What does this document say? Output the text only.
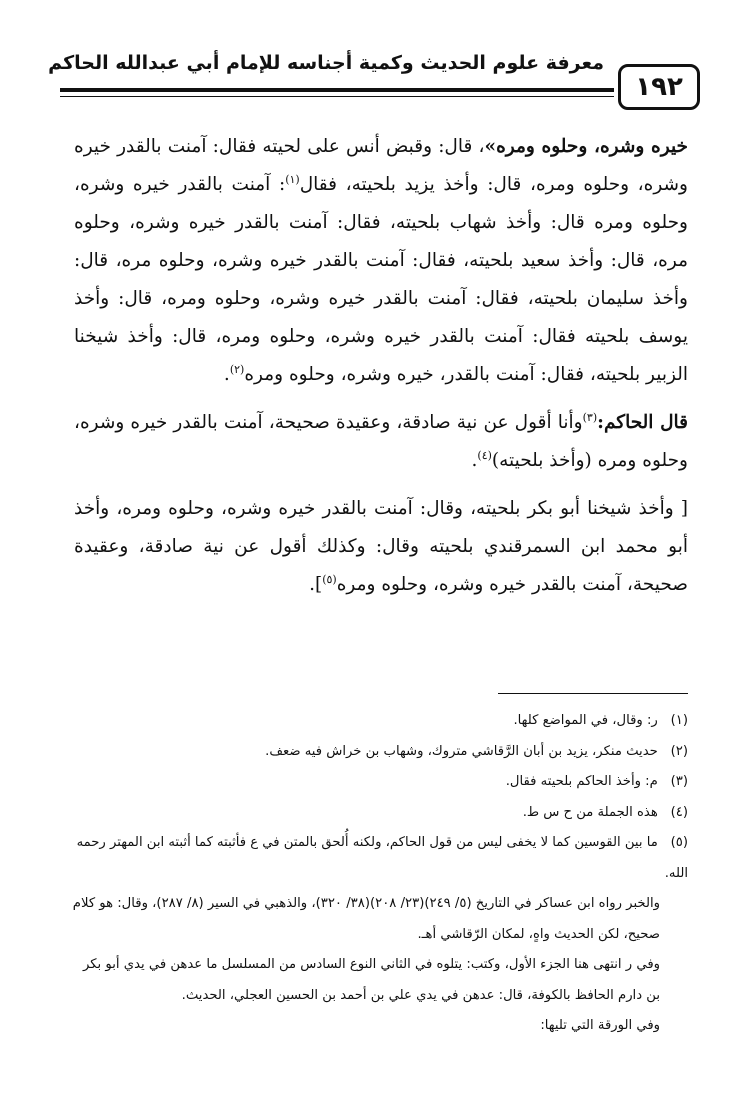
معرفة علوم الحديث وكمية أجناسه للإمام أبي عبدالله الحاكم
١٩٢

خيره وشره، وحلوه ومره»، قال: وقبض أنس على لحيته فقال: آمنت بالقدر خيره وشره، وحلوه ومره، قال: وأخذ يزيد بلحيته، فقال$^{(١)}$: آمنت بالقدر خيره وشره، وحلوه ومره قال: وأخذ شهاب بلحيته، فقال: آمنت بالقدر خيره وشره، وحلوه مره، قال: وأخذ سعيد بلحيته، فقال: آمنت بالقدر خيره وشره، وحلوه مره، قال: وأخذ سليمان بلحيته، فقال: آمنت بالقدر خيره وشره، وحلوه ومره، قال: وأخذ يوسف بلحيته فقال: آمنت بالقدر خيره وشره، وحلوه ومره، قال: وأخذ شيخنا الزبير بلحيته، فقال: آمنت بالقدر، خيره وشره، وحلوه ومره$^{(٢)}$.

قال الحاكم:$^{(٣)}$وأنا أقول عن نية صادقة، وعقيدة صحيحة، آمنت بالقدر خيره وشره، وحلوه ومره (وأخذ بلحيته)$^{(٤)}$.

[ وأخذ شيخنا أبو بكر بلحيته، وقال: آمنت بالقدر خيره وشره، وحلوه ومره، وأخذ أبو محمد ابن السمرقندي بلحيته وقال: وكذلك أقول عن نية صادقة، وعقيدة صحيحة، آمنت بالقدر خيره وشره، وحلوه ومره$^{(٥)}$].

(١) ر: وقال، في المواضع كلها.

(٢) حديث منكر، يزيد بن أبان الرَّقاشي متروك، وشهاب بن خراش فيه ضعف.

(٣) م: وأخذ الحاكم بلحيته فقال.

(٤) هذه الجملة من ح س ط.

(٥) ما بين القوسين كما لا يخفى ليس من قول الحاكم، ولكنه أُلحق بالمتن في ع فأثبته كما أثبته ابن المهتر رحمه الله.

والخبر رواه ابن عساكر في التاريخ (٥/ ٢٤٩)(٢٣/ ٢٠٨)(٣٨/ ٣٢٠)، والذهبي في السير (٨/ ٢٨٧)، وقال: هو كلام صحيح، لكن الحديث واهٍ، لمكان الرّقاشي أهـ.

وفي ر انتهى هنا الجزء الأول، وكتب: يتلوه في الثاني النوع السادس من المسلسل ما عدهن في يدي أبو بكر بن دارم الحافظ بالكوفة، قال: عدهن في يدي علي بن أحمد بن الحسين العجلي، الحديث.

وفي الورقة التي تليها:
